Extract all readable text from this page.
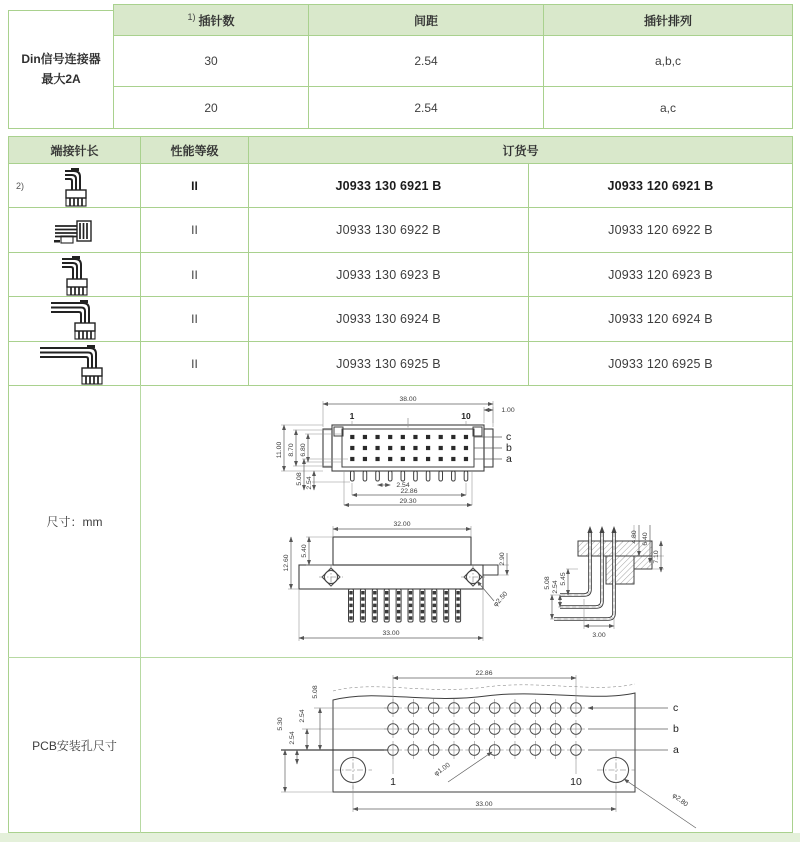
Din信号连接器
最大2A
1) 插针数	间距	插针排列
30	2.54	a,b,c
20	2.54	a,c
端接针长	性能等级	订货号
2)	II	J0933 130 6921 B	J0933 120 6921 B
II	J0933 130 6922 B	J0933 120 6922 B
II	J0933 130 6923 B	J0933 120 6923 B
II	J0933 130 6924 B	J0933 120 6924 B
II	J0933 130 6925 B	J0933 120 6925 B
尺寸：mm
PCB安装孔尺寸
1	10
38.00
1.00
c
b
a
11.00 8.70 6.80
5.08 2.54	2.54
22.86
29.30
32.00
5.40
12.60	2.90
φ2.50
33.00
4.80 6.40
7.10
5.45
2.54
5.08
3.00
c
b
a
1	10
22.86
5.08
2.54
2.54
5.30
33.00
φ1.00
φ2.80
